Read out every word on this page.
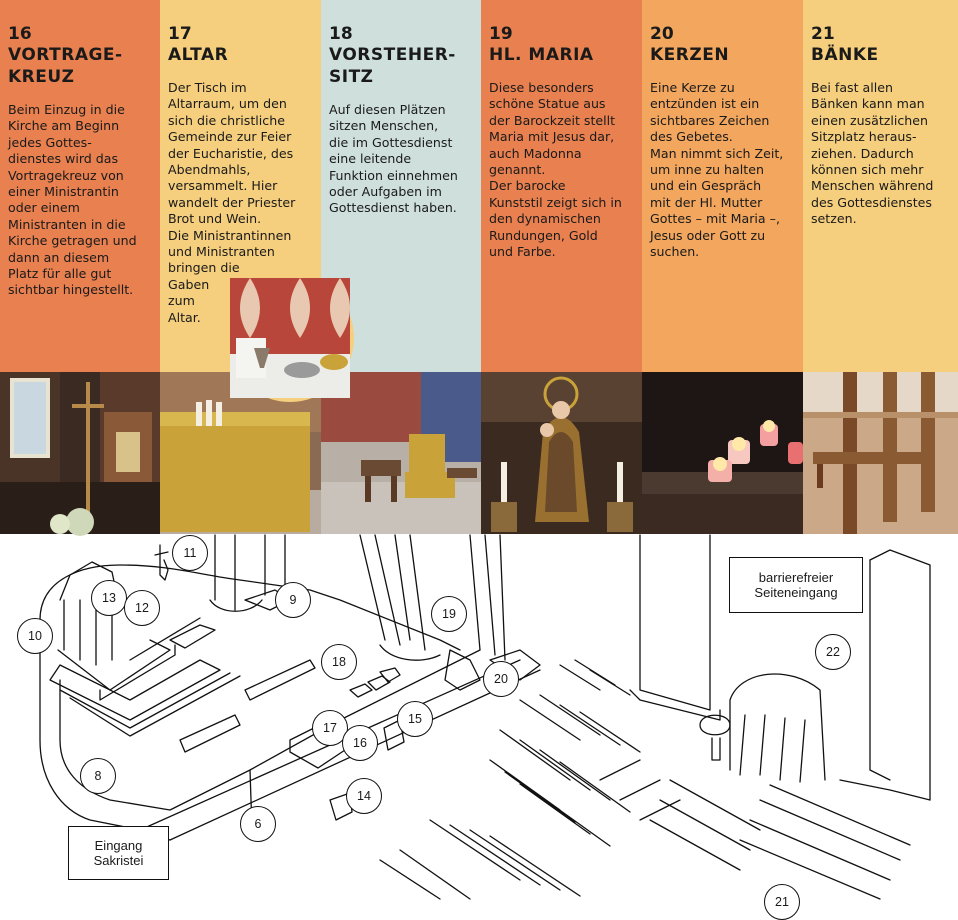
16
VORTRAGE-
KREUZ
Beim Einzug in die
Kirche am Beginn
jedes Gottes-
dienstes wird das
Vortragekreuz von
einer Ministrantin
oder einem
Ministranten in die
Kirche getragen und
dann an diesem
Platz für alle gut
sichtbar hingestellt.
17
ALTAR
Der Tisch im
Altarraum, um den
sich die christliche
Gemeinde zur Feier
der Eucharistie, des
Abendmahls,
versammelt. Hier
wandelt der Priester
Brot und Wein.
Die Ministrantinnen
und Ministranten
bringen die
Gaben
zum
Altar.
18
VORSTEHER-
SITZ
Auf diesen Plätzen
sitzen Menschen,
die im Gottesdienst
eine leitende
Funktion einnehmen
oder Aufgaben im
Gottesdienst haben.
19
HL. MARIA
Diese besonders
schöne Statue aus
der Barockzeit stellt
Maria mit Jesus dar,
auch Madonna
genannt.
Der barocke
Kunststil zeigt sich in
den dynamischen
Rundungen, Gold
und Farbe.
20
KERZEN
Eine Kerze zu
entzünden ist ein
sichtbares Zeichen
des Gebetes.
Man nimmt sich Zeit,
um inne zu halten
und ein Gespräch
mit der Hl. Mutter
Gottes – mit Maria –,
Jesus oder Gott zu
suchen.
21
BÄNKE
Bei fast allen
Bänken kann man
einen zusätzlichen
Sitzplatz heraus-
ziehen. Dadurch
können sich mehr
Menschen während
des Gottesdienstes
setzen.
11
13
12
10
9
19
18
20
22
17
16
15
8
14
6
21
Eingang
Sakristei
barrierefreier
Seiteneingang
